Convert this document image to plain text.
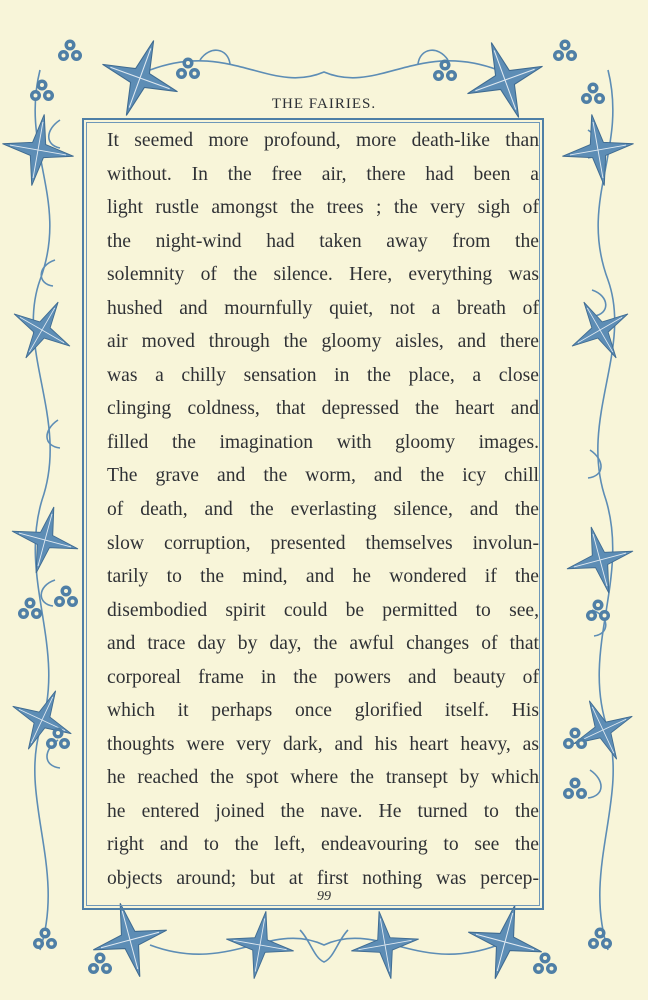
THE FAIRIES.
It seemed more profound, more death-like than
without. In the free air, there had been a
light rustle amongst the trees ; the very sigh of
the night-wind had taken away from the
solemnity of the silence. Here, everything was
hushed and mournfully quiet, not a breath of
air moved through the gloomy aisles, and there
was a chilly sensation in the place, a close
clinging coldness, that depressed the heart and
filled the imagination with gloomy images.
The grave and the worm, and the icy chill
of death, and the everlasting silence, and the
slow corruption, presented themselves involun-
tarily to the mind, and he wondered if the
disembodied spirit could be permitted to see,
and trace day by day, the awful changes of that
corporeal frame in the powers and beauty of
which it perhaps once glorified itself. His
thoughts were very dark, and his heart heavy, as
he reached the spot where the transept by which
he entered joined the nave. He turned to the
right and to the left, endeavouring to see the
objects around; but at first nothing was percep-
99
